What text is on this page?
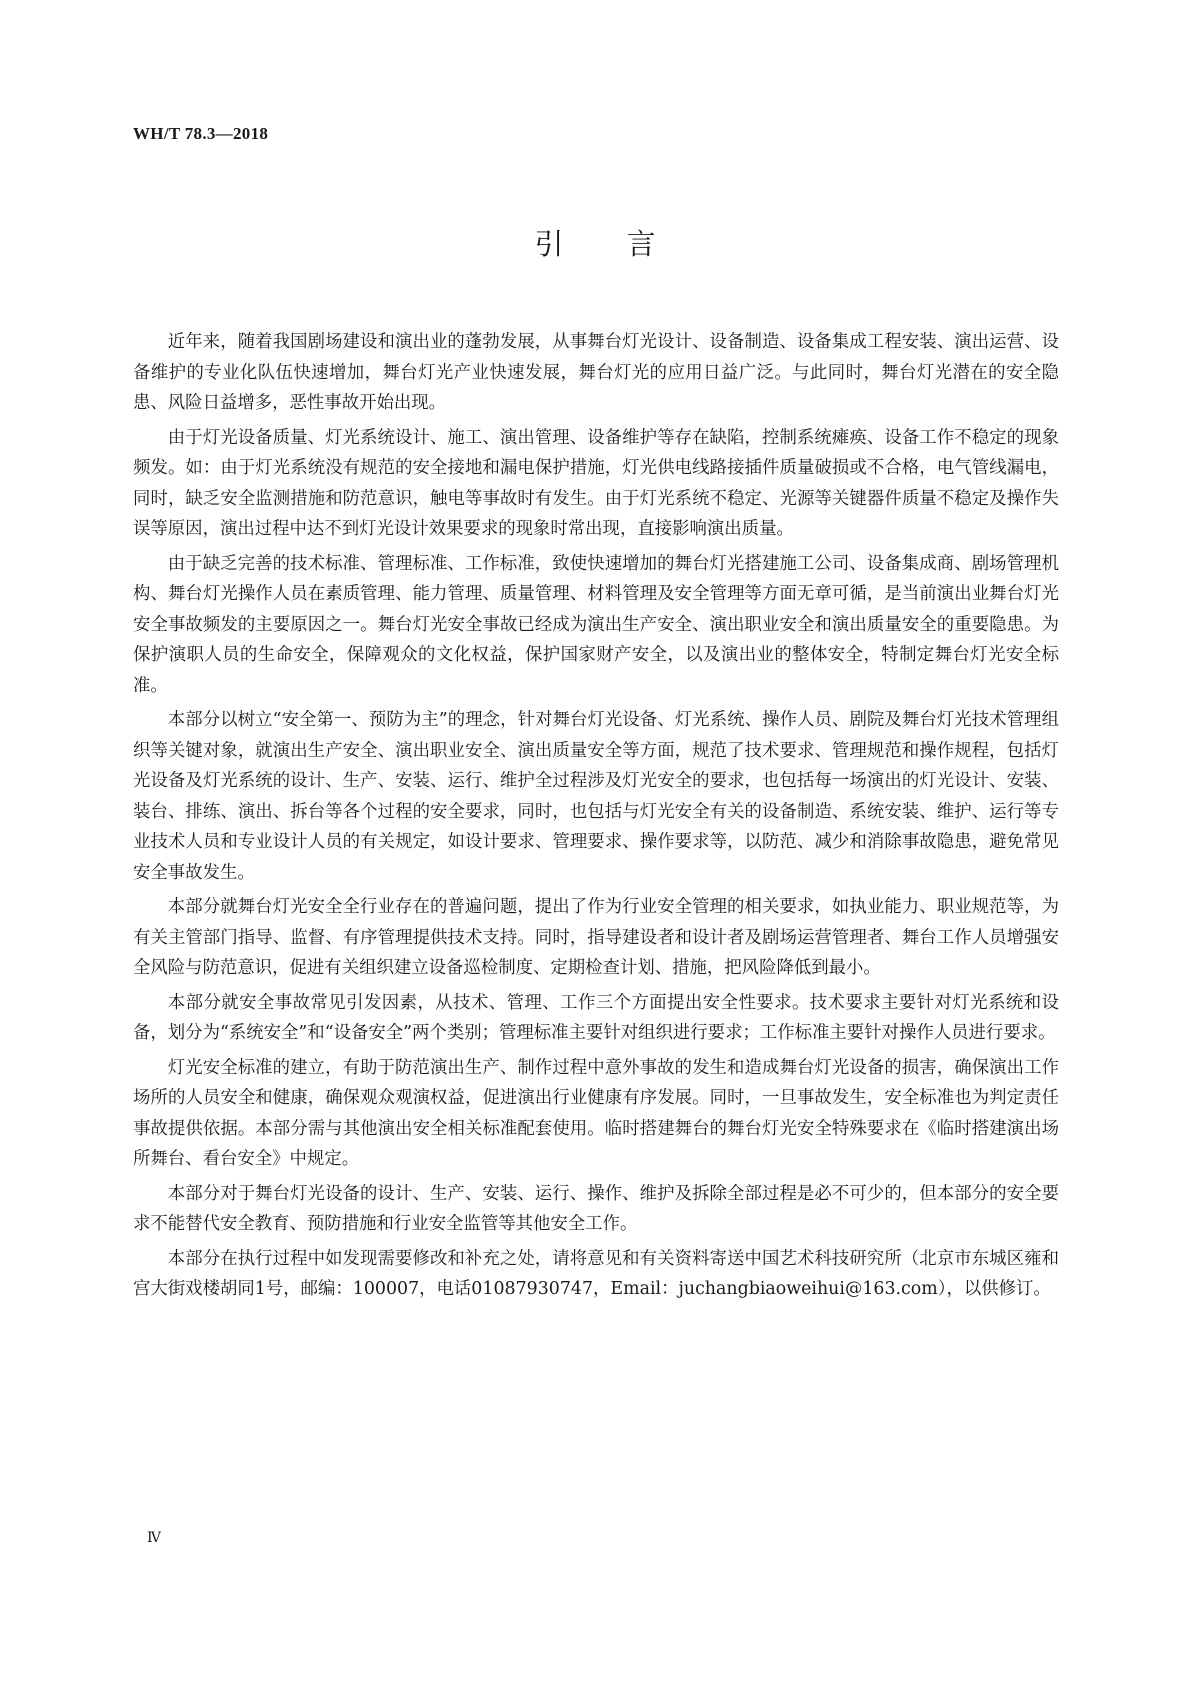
WH/T 78.3—2018
引 言

近年来，随着我国剧场建设和演出业的蓬勃发展，从事舞台灯光设计、设备制造、设备集成工程安装、演出运营、设备维护的专业化队伍快速增加，舞台灯光产业快速发展，舞台灯光的应用日益广泛。与此同时，舞台灯光潜在的安全隐患、风险日益增多，恶性事故开始出现。

由于灯光设备质量、灯光系统设计、施工、演出管理、设备维护等存在缺陷，控制系统瘫痪、设备工作不稳定的现象频发。如：由于灯光系统没有规范的安全接地和漏电保护措施，灯光供电线路接插件质量破损或不合格，电气管线漏电，同时，缺乏安全监测措施和防范意识，触电等事故时有发生。由于灯光系统不稳定、光源等关键器件质量不稳定及操作失误等原因，演出过程中达不到灯光设计效果要求的现象时常出现，直接影响演出质量。

由于缺乏完善的技术标准、管理标准、工作标准，致使快速增加的舞台灯光搭建施工公司、设备集成商、剧场管理机构、舞台灯光操作人员在素质管理、能力管理、质量管理、材料管理及安全管理等方面无章可循，是当前演出业舞台灯光安全事故频发的主要原因之一。舞台灯光安全事故已经成为演出生产安全、演出职业安全和演出质量安全的重要隐患。为保护演职人员的生命安全，保障观众的文化权益，保护国家财产安全，以及演出业的整体安全，特制定舞台灯光安全标准。

本部分以树立“安全第一、预防为主”的理念，针对舞台灯光设备、灯光系统、操作人员、剧院及舞台灯光技术管理组织等关键对象，就演出生产安全、演出职业安全、演出质量安全等方面，规范了技术要求、管理规范和操作规程，包括灯光设备及灯光系统的设计、生产、安装、运行、维护全过程涉及灯光安全的要求，也包括每一场演出的灯光设计、安装、装台、排练、演出、拆台等各个过程的安全要求，同时，也包括与灯光安全有关的设备制造、系统安装、维护、运行等专业技术人员和专业设计人员的有关规定，如设计要求、管理要求、操作要求等，以防范、减少和消除事故隐患，避免常见安全事故发生。

本部分就舞台灯光安全全行业存在的普遍问题，提出了作为行业安全管理的相关要求，如执业能力、职业规范等，为有关主管部门指导、监督、有序管理提供技术支持。同时，指导建设者和设计者及剧场运营管理者、舞台工作人员增强安全风险与防范意识，促进有关组织建立设备巡检制度、定期检查计划、措施，把风险降低到最小。

本部分就安全事故常见引发因素，从技术、管理、工作三个方面提出安全性要求。技术要求主要针对灯光系统和设备，划分为“系统安全”和“设备安全”两个类别；管理标准主要针对组织进行要求；工作标准主要针对操作人员进行要求。

灯光安全标准的建立，有助于防范演出生产、制作过程中意外事故的发生和造成舞台灯光设备的损害，确保演出工作场所的人员安全和健康，确保观众观演权益，促进演出行业健康有序发展。同时，一旦事故发生，安全标准也为判定责任事故提供依据。本部分需与其他演出安全相关标准配套使用。临时搭建舞台的舞台灯光安全特殊要求在《临时搭建演出场所舞台、看台安全》中规定。

本部分对于舞台灯光设备的设计、生产、安装、运行、操作、维护及拆除全部过程是必不可少的，但本部分的安全要求不能替代安全教育、预防措施和行业安全监管等其他安全工作。

本部分在执行过程中如发现需要修改和补充之处，请将意见和有关资料寄送中国艺术科技研究所（北京市东城区雍和宫大街戏楼胡同1号，邮编：100007，电话01087930747，Email：juchangbiaoweihui@163.com），以供修订。

Ⅳ
